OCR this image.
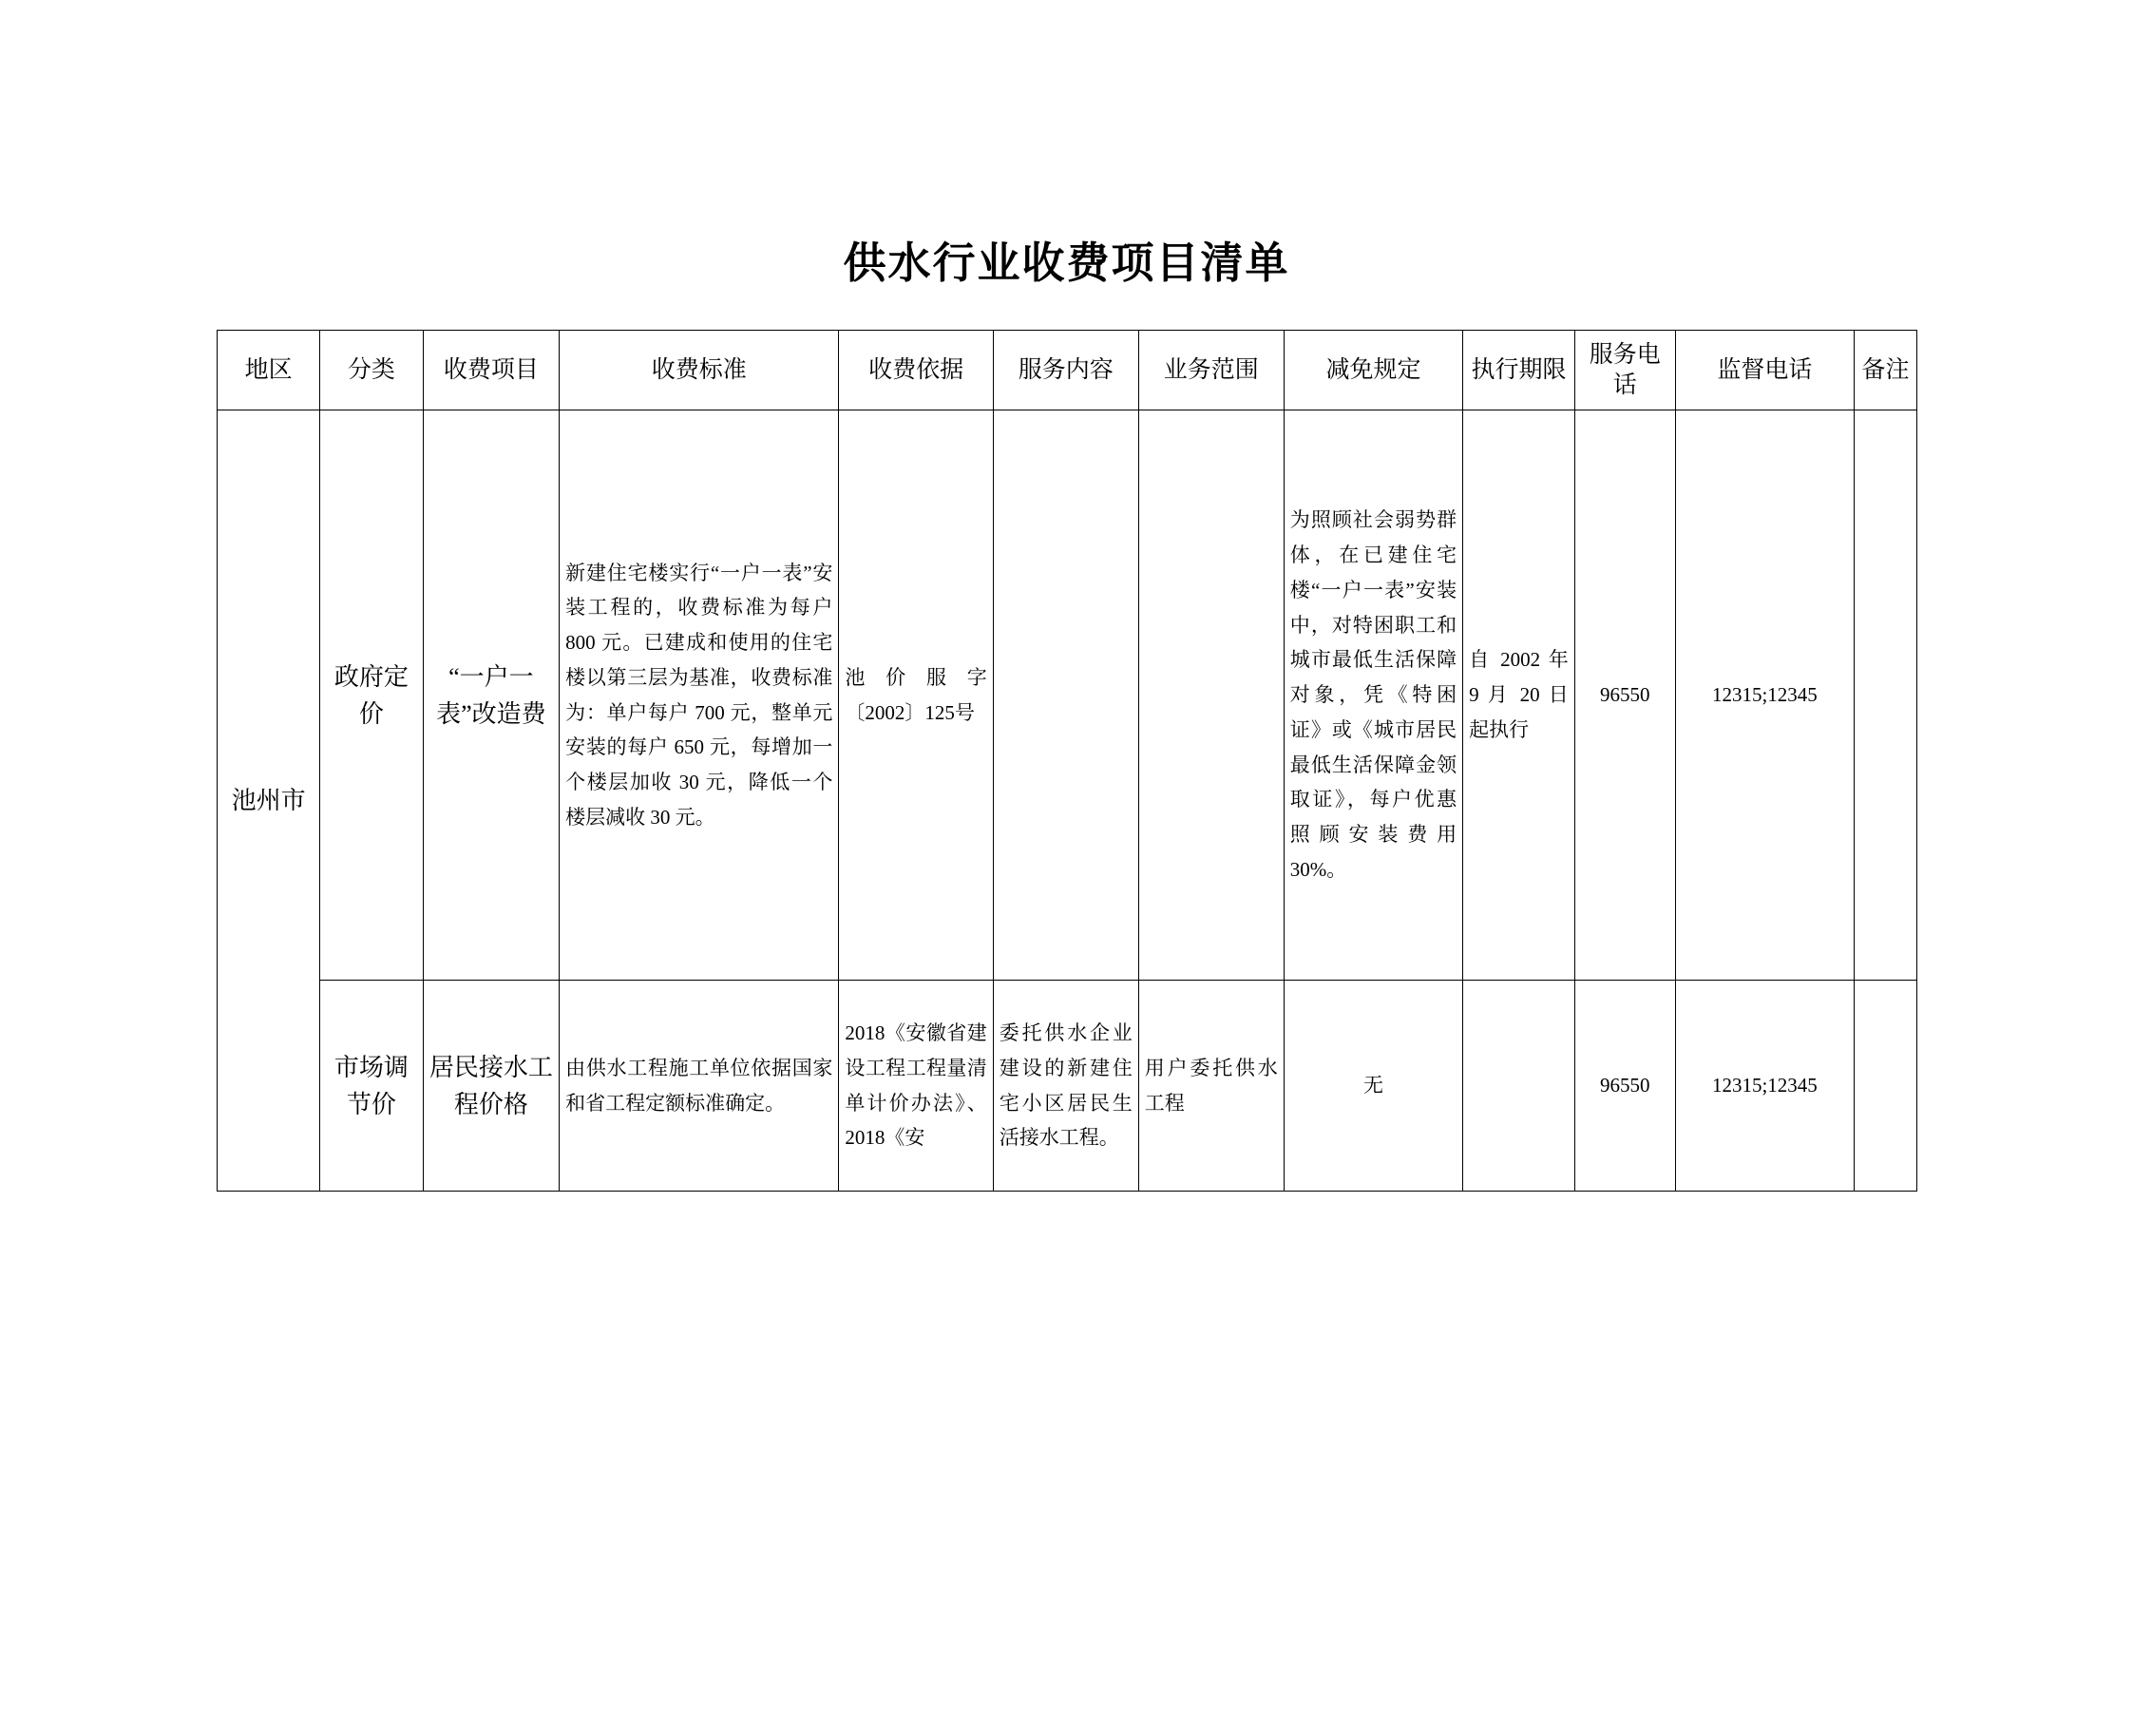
供水行业收费项目清单
地区	分类	收费项目	收费标准	收费依据	服务内容	业务范围	减免规定	执行期限	服务电话	监督电话	备注
池州市	政府定价	“一户一表”改造费	新建住宅楼实行“一户一表”安装工程的，收费标准为每户 800 元。已建成和使用的住宅楼以第三层为基准，收费标准为：单户每户 700 元，整单元安装的每户 650 元，每增加一个楼层加收 30 元，降低一个楼层减收 30 元。	池价服字〔2002〕125号			为照顾社会弱势群体，在已建住宅楼“一户一表”安装中，对特困职工和城市最低生活保障对象，凭《特困证》或《城市居民最低生活保障金领取证》，每户优惠照顾安装费用 30%。	自 2002 年 9 月 20 日起执行	96550	12315;12345	
	市场调节价	居民接水工程价格	由供水工程施工单位依据国家和省工程定额标准确定。	2018《安徽省建设工程工程量清单计价办法》、2018《安	委托供水企业建设的新建住宅小区居民生活接水工程。	用户委托供水工程	无		96550	12315;12345	
